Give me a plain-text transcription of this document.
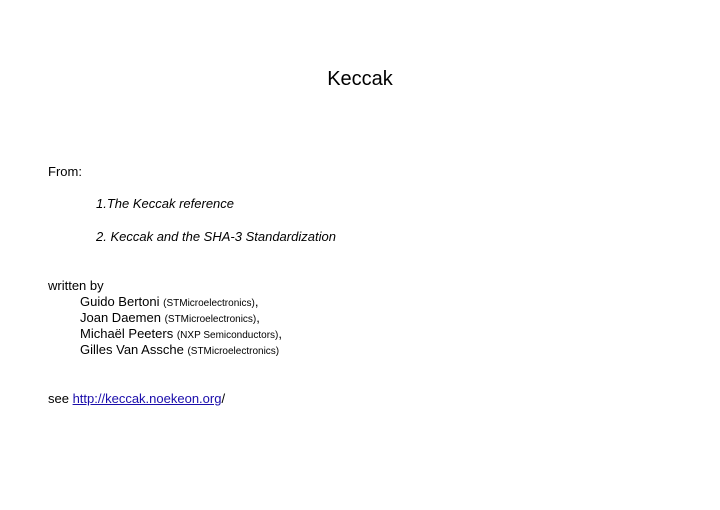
Keccak
From:
1.The Keccak reference
2. Keccak and the SHA-3 Standardization
written by
Guido Bertoni (STMicroelectronics),
Joan Daemen (STMicroelectronics),
Michaël Peeters (NXP Semiconductors),
Gilles Van Assche (STMicroelectronics)
see http://keccak.noekeon.org/
